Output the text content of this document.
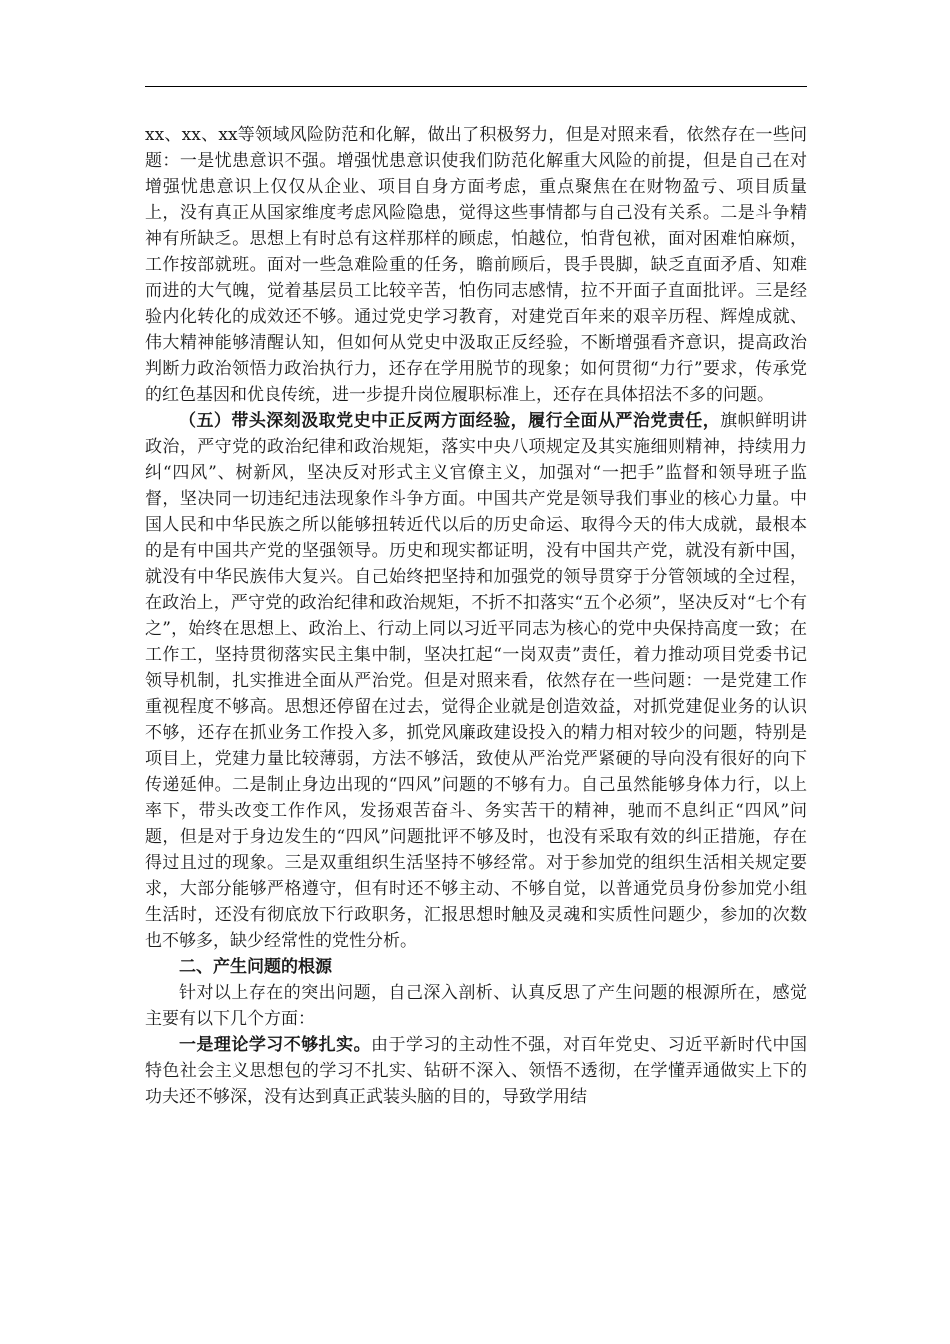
xx、xx、xx等领域风险防范和化解，做出了积极努力，但是对照来看，依然存在一些问题：一是忧患意识不强。增强忧患意识使我们防范化解重大风险的前提，但是自己在对增强忧患意识上仅仅从企业、项目自身方面考虑，重点聚焦在在财物盈亏、项目质量上，没有真正从国家维度考虑风险隐患，觉得这些事情都与自己没有关系。二是斗争精神有所缺乏。思想上有时总有这样那样的顾虑，怕越位，怕背包袱，面对困难怕麻烦，工作按部就班。面对一些急难险重的任务，瞻前顾后，畏手畏脚，缺乏直面矛盾、知难而进的大气魄，觉着基层员工比较辛苦，怕伤同志感情，拉不开面子直面批评。三是经验内化转化的成效还不够。通过党史学习教育，对建党百年来的艰辛历程、辉煌成就、伟大精神能够清醒认知，但如何从党史中汲取正反经验，不断增强看齐意识，提高政治判断力政治领悟力政治执行力，还存在学用脱节的现象；如何贯彻“力行”要求，传承党的红色基因和优良传统，进一步提升岗位履职标准上，还存在具体招法不多的问题。

（五）带头深刻汲取党史中正反两方面经验，履行全面从严治党责任，旗帜鲜明讲政治，严守党的政治纪律和政治规矩，落实中央八项规定及其实施细则精神，持续用力纠“四风”、树新风，坚决反对形式主义官僚主义，加强对“一把手”监督和领导班子监督，坚决同一切违纪违法现象作斗争方面。中国共产党是领导我们事业的核心力量。中国人民和中华民族之所以能够扭转近代以后的历史命运、取得今天的伟大成就，最根本的是有中国共产党的坚强领导。历史和现实都证明，没有中国共产党，就没有新中国，就没有中华民族伟大复兴。自己始终把坚持和加强党的领导贯穿于分管领域的全过程，在政治上，严守党的政治纪律和政治规矩，不折不扣落实“五个必须”，坚决反对“七个有之”，始终在思想上、政治上、行动上同以习近平同志为核心的党中央保持高度一致；在工作工，坚持贯彻落实民主集中制，坚决扛起“一岗双责”责任，着力推动项目党委书记领导机制，扎实推进全面从严治党。但是对照来看，依然存在一些问题：一是党建工作重视程度不够高。思想还停留在过去，觉得企业就是创造效益，对抓党建促业务的认识不够，还存在抓业务工作投入多，抓党风廉政建设投入的精力相对较少的问题，特别是项目上，党建力量比较薄弱，方法不够活，致使从严治党严紧硬的导向没有很好的向下传递延伸。二是制止身边出现的“四风”问题的不够有力。自己虽然能够身体力行，以上率下，带头改变工作作风，发扬艰苦奋斗、务实苦干的精神，驰而不息纠正“四风”问题，但是对于身边发生的“四风”问题批评不够及时，也没有采取有效的纠正措施，存在得过且过的现象。三是双重组织生活坚持不够经常。对于参加党的组织生活相关规定要求，大部分能够严格遵守，但有时还不够主动、不够自觉，以普通党员身份参加党小组生活时，还没有彻底放下行政职务，汇报思想时触及灵魂和实质性问题少，参加的次数也不够多，缺少经常性的党性分析。

二、产生问题的根源

针对以上存在的突出问题，自己深入剖析、认真反思了产生问题的根源所在，感觉主要有以下几个方面：

一是理论学习不够扎实。由于学习的主动性不强，对百年党史、习近平新时代中国特色社会主义思想包的学习不扎实、钻研不深入、领悟不透彻，在学懂弄通做实上下的功夫还不够深，没有达到真正武装头脑的目的，导致学用结
